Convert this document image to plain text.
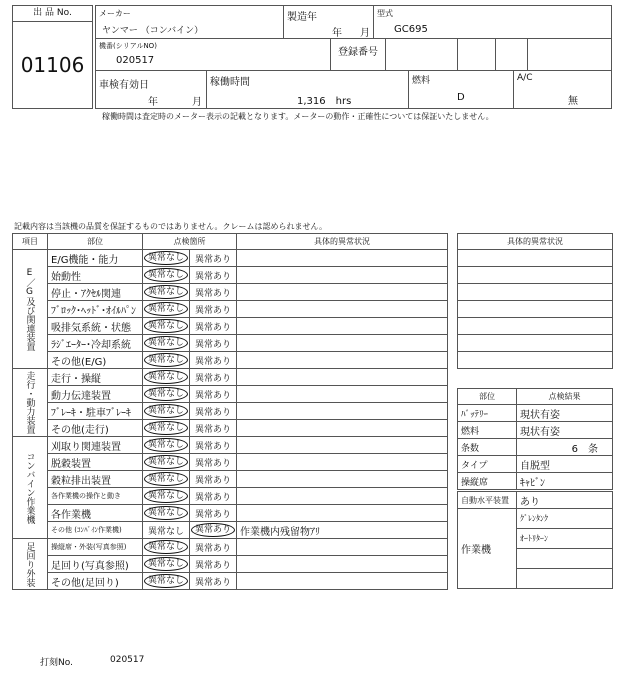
出 品 No.
01106
メーカー
ヤンマー （コンバイン）
製造年
年 月
型式
GC695
機番(シリアルNO)
020517
登録番号
車検有効日
年	月
稼働時間
1,316　hrs
燃料
D
A/C
無
稼働時間は査定時のメーター表示の記載となります。メーターの動作・正確性については保証いたしません。
記載内容は当該機の品質を保証するものではありません。クレームは認められません。
項目	部位	点検箇所		具体的異常状況
E／G及び関連装置	E/G機能・能力	異常なし	異常あり	
	始動性	異常なし	異常あり	
	停止・ｱｸｾﾙ関連	異常なし	異常あり	
	ﾌﾞﾛｯｸ･ﾍｯﾄﾞ･ｵｲﾙﾊﾟﾝ	異常なし	異常あり	
	吸排気系統・状態	異常なし	異常あり	
	ﾗｼﾞｴｰﾀｰ･冷却系統	異常なし	異常あり	
	その他(E/G)	異常なし	異常あり	
走行・動力装置	走行・操縦	異常なし	異常あり	
	動力伝達装置	異常なし	異常あり	
	ﾌﾞﾚｰｷ・駐車ﾌﾞﾚｰｷ	異常なし	異常あり	
	その他(走行)	異常なし	異常あり	
コンバイン作業機	刈取り関連装置	異常なし	異常あり	
	脱穀装置	異常なし	異常あり	
	穀粒排出装置	異常なし	異常あり	
	各作業機の操作と動き	異常なし	異常あり	
	各作業機	異常なし	異常あり	
	その他 (ｺﾝﾊﾞｲﾝ作業機)	異常なし	異常あり	作業機内残留物ｱﾘ
足回り外装	操縦席・外装(写真参照)	異常なし	異常あり	
	足回り(写真参照)	異常なし	異常あり	
	その他(足回り)	異常なし	異常あり	
具体的異常状況

部位	点検結果
ﾊﾞｯﾃﾘｰ	現状有姿
燃料	現状有姿
条数	6　条
タイプ	自脱型
操縦席	ｷｬﾋﾞﾝ
自動水平装置	あり
作業機	ｸﾞﾚﾝﾀﾝｸ
	ｵｰﾄﾘﾀｰﾝ

打刻No.	020517
